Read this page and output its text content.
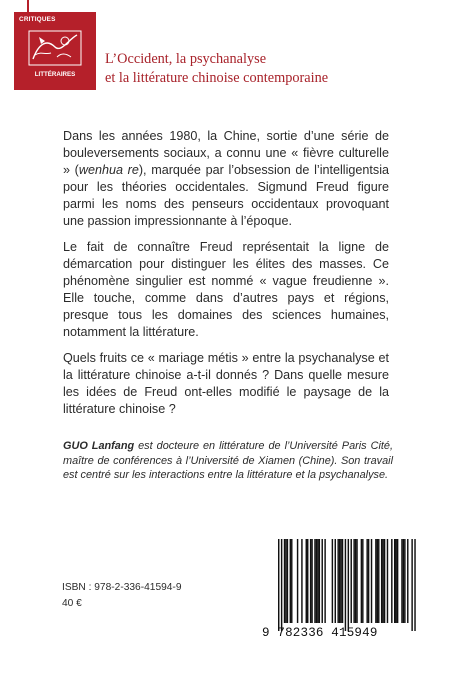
CRITIQUES
LITTÉRAIRES
L’Occident, la psychanalyse
et la littérature chinoise contemporaine

Dans les années 1980, la Chine, sortie d’une série de bouleversements sociaux, a connu une « fièvre culturelle » (wenhua re), marquée par l’obsession de l’intelligentsia pour les théories occidentales. Sigmund Freud figure parmi les noms des penseurs occidentaux provoquant une passion impressionnante à l’époque.

Le fait de connaître Freud représentait la ligne de démarcation pour distinguer les élites des masses. Ce phénomène singulier est nommé « vague freudienne ». Elle touche, comme dans d’autres pays et régions, presque tous les domaines des sciences humaines, notamment la littérature.

Quels fruits ce « mariage métis » entre la psychanalyse et la littérature chinoise a-t-il donnés ? Dans quelle mesure les idées de Freud ont-elles modifié le paysage de la littérature chinoise ?

GUO Lanfang est docteure en littérature de l’Université Paris Cité, maître de conférences à l’Université de Xiamen (Chine). Son travail est centré sur les interactions entre la littérature et la psychanalyse.
ISBN : 978-2-336-41594-9
40 €
9 782336 415949
